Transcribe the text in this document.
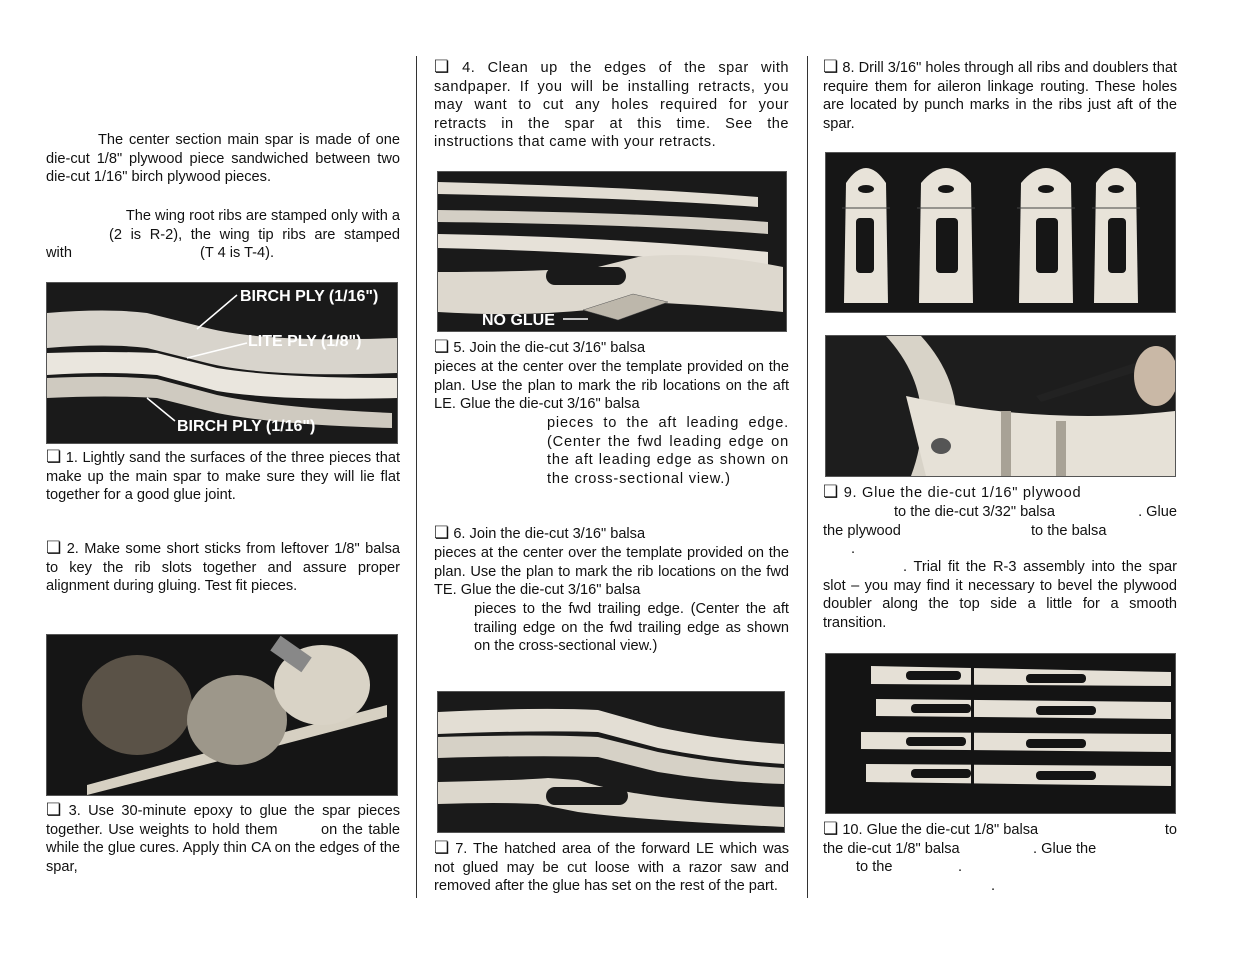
The center section main spar is made of one die-cut 1/8" plywood piece sandwiched between two die-cut 1/16" birch plywood pieces.
The wing root ribs are stamped only with a
(2 is R-2), the wing tip ribs are stamped
with	(T 4 is T-4).
BIRCH PLY (1/16")
LITE PLY (1/8")
BIRCH PLY (1/16")
❏ 1. Lightly sand the surfaces of the three pieces that make up the main spar to make sure they will lie flat together for a good glue joint.
❏ 2. Make some short sticks from leftover 1/8" balsa to key the rib slots together and assure proper alignment during gluing. Test fit pieces.
❏ 3. Use 30-minute epoxy to glue the spar pieces together. Use weights to hold them        on the table while the glue cures. Apply thin CA on the edges of the spar,
❏ 4. Clean up the edges of the spar with sandpaper. If you will be installing retracts, you may want to cut any holes required for your retracts in the spar at this time. See the instructions that came with your retracts.
NO GLUE
❏ 5. Join the die-cut 3/16" balsa
pieces at the center over the template provided on the plan. Use the plan to mark the rib locations on the aft LE. Glue the die-cut 3/16" balsa
pieces to the aft leading edge. (Center the fwd leading edge on the aft leading edge as shown on the cross-sectional view.)
❏ 6. Join the die-cut 3/16" balsa
pieces at the center over the template provided on the plan. Use the plan to mark the rib locations on the fwd TE. Glue the die-cut 3/16" balsa
pieces to the fwd trailing edge. (Center the aft trailing edge on the fwd trailing edge as shown on the cross-sectional view.)
❏ 7. The hatched area of the forward LE which was not glued may be cut loose with a razor saw and removed after the glue has set on the rest of the part.
❏ 8. Drill 3/16" holes through all ribs and doublers that require them for aileron linkage routing. These holes are located by punch marks in the ribs just aft of the spar.
❏ 9. Glue the die-cut 1/16" plywood
to the die-cut 3/32" balsa	. Glue
the plywood	to the balsa
.
. Trial fit the R-3 assembly into the spar slot – you may find it necessary to bevel the plywood doubler along the top side a little for a smooth transition.
❏ 10. Glue the die-cut 1/8" balsa	to
the die-cut 1/8" balsa	. Glue the
to the	.
.
